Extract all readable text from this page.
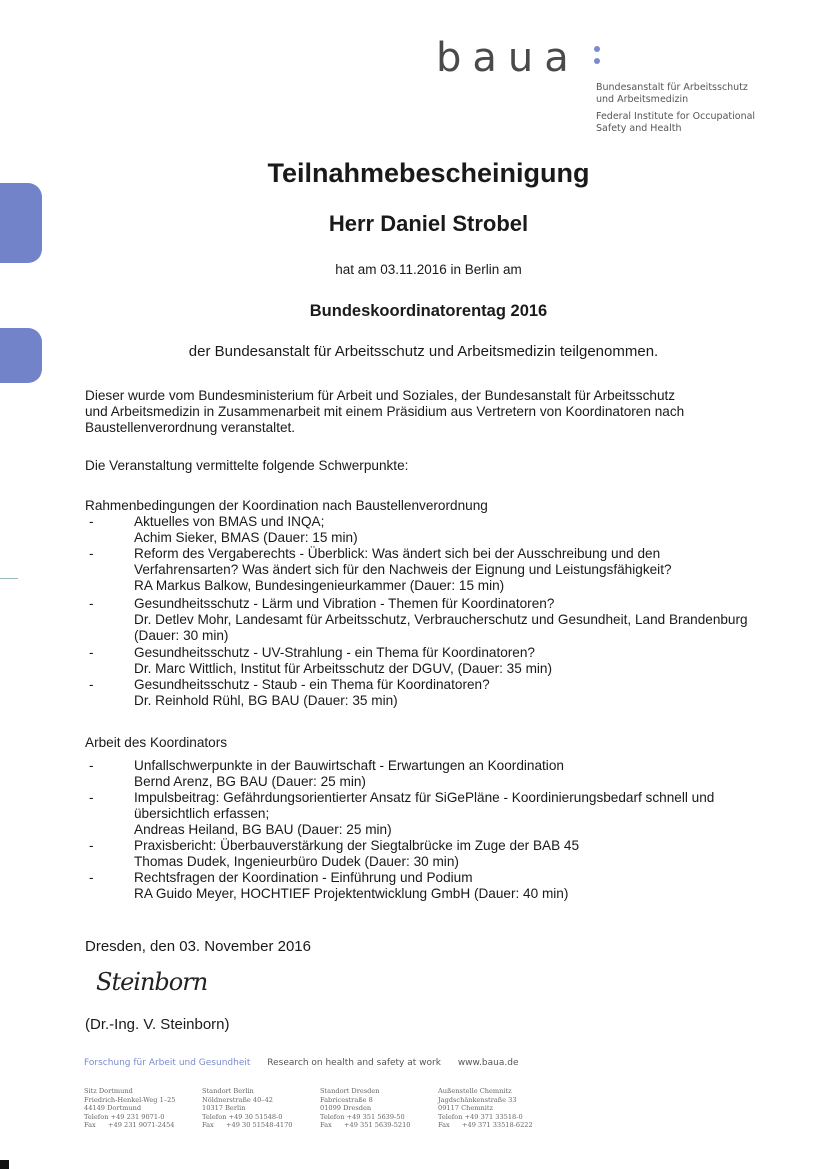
baua
Bundesanstalt für Arbeitsschutz
und Arbeitsmedizin
Federal Institute for Occupational
Safety and Health
Teilnahmebescheinigung
Herr Daniel Strobel
hat am 03.11.2016 in Berlin am
Bundeskoordinatorentag 2016
der Bundesanstalt für Arbeitsschutz und Arbeitsmedizin teilgenommen.
Dieser wurde vom Bundesministerium für Arbeit und Soziales, der Bundesanstalt für Arbeitsschutz
und Arbeitsmedizin in Zusammenarbeit mit einem Präsidium aus Vertretern von Koordinatoren nach
Baustellenverordnung veranstaltet.
Die Veranstaltung vermittelte folgende Schwerpunkte:
Rahmenbedingungen der Koordination nach Baustellenverordnung
-	Aktuelles von BMAS und INQA;
Achim Sieker, BMAS (Dauer: 15 min)
-	Reform des Vergaberechts - Überblick: Was ändert sich bei der Ausschreibung und den
Verfahrensarten? Was ändert sich für den Nachweis der Eignung und Leistungsfähigkeit?
RA Markus Balkow, Bundesingenieurkammer (Dauer: 15 min)
-	Gesundheitsschutz - Lärm und Vibration - Themen für Koordinatoren?
Dr. Detlev Mohr, Landesamt für Arbeitsschutz, Verbraucherschutz und Gesundheit, Land Brandenburg
(Dauer: 30 min)
-	Gesundheitsschutz - UV-Strahlung - ein Thema für Koordinatoren?
Dr. Marc Wittlich, Institut für Arbeitsschutz der DGUV, (Dauer: 35 min)
-	Gesundheitsschutz - Staub - ein Thema für Koordinatoren?
Dr. Reinhold Rühl, BG BAU (Dauer: 35 min)
Arbeit des Koordinators
-	Unfallschwerpunkte in der Bauwirtschaft - Erwartungen an Koordination
Bernd Arenz, BG BAU (Dauer: 25 min)
-	Impulsbeitrag: Gefährdungsorientierter Ansatz für SiGePläne - Koordinierungsbedarf schnell und
übersichtlich erfassen;
Andreas Heiland, BG BAU (Dauer: 25 min)
-	Praxisbericht: Überbauverstärkung der Siegtalbrücke im Zuge der BAB 45
Thomas Dudek, Ingenieurbüro Dudek (Dauer: 30 min)
-	Rechtsfragen der Koordination - Einführung und Podium
RA Guido Meyer, HOCHTIEF Projektentwicklung GmbH (Dauer: 40 min)
Dresden, den 03. November 2016
Steinborn
(Dr.-Ing. V. Steinborn)
Forschung für Arbeit und Gesundheit Research on health and safety at work www.baua.de
Sitz Dortmund
Friedrich-Henkel-Weg 1–25
44149 Dortmund
Telefon +49 231 9071-0
Fax +49 231 9071-2454
Standort Berlin
Nöldnerstraße 40–42
10317 Berlin
Telefon +49 30 51548-0
Fax +49 30 51548-4170
Standort Dresden
Fabricestraße 8
01099 Dresden
Telefon +49 351 5639-50
Fax +49 351 5639-5210
Außenstelle Chemnitz
Jagdschänkenstraße 33
09117 Chemnitz
Telefon +49 371 33518-0
Fax +49 371 33518-6222
